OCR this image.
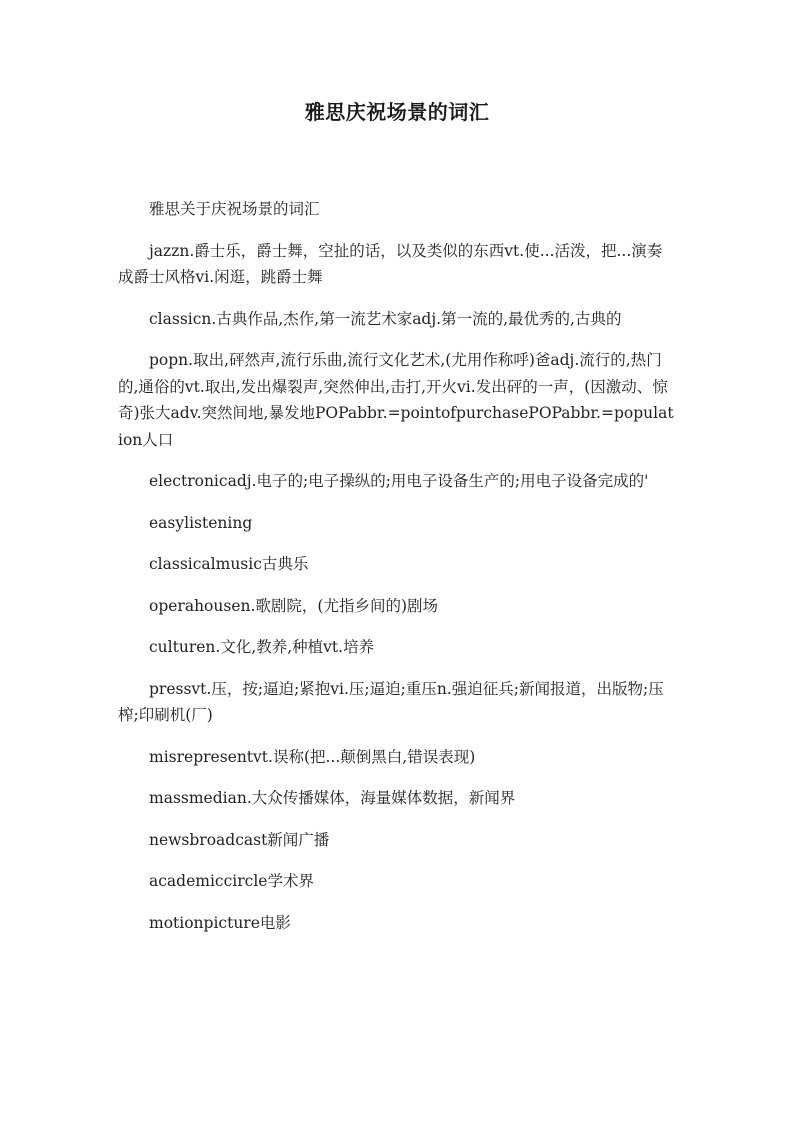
雅思庆祝场景的词汇

雅思关于庆祝场景的词汇

jazzn.爵士乐，爵士舞，空扯的话，以及类似的东西vt.使...活泼，把...演奏成爵士风格vi.闲逛，跳爵士舞

classicn.古典作品,杰作,第一流艺术家adj.第一流的,最优秀的,古典的

popn.取出,砰然声,流行乐曲,流行文化艺术,(尤用作称呼)爸adj.流行的,热门的,通俗的vt.取出,发出爆裂声,突然伸出,击打,开火vi.发出砰的一声，(因激动、惊奇)张大adv.突然间地,暴发地POPabbr.=pointofpurchasePOPabbr.=population人口

electronicadj.电子的;电子操纵的;用电子设备生产的;用电子设备完成的'

easylistening

classicalmusic古典乐

operahousen.歌剧院，(尤指乡间的)剧场

culturen.文化,教养,种植vt.培养

pressvt.压，按;逼迫;紧抱vi.压;逼迫;重压n.强迫征兵;新闻报道，出版物;压榨;印刷机(厂)

misrepresentvt.误称(把...颠倒黑白,错误表现)

massmedian.大众传播媒体，海量媒体数据，新闻界

newsbroadcast新闻广播

academiccircle学术界

motionpicture电影
